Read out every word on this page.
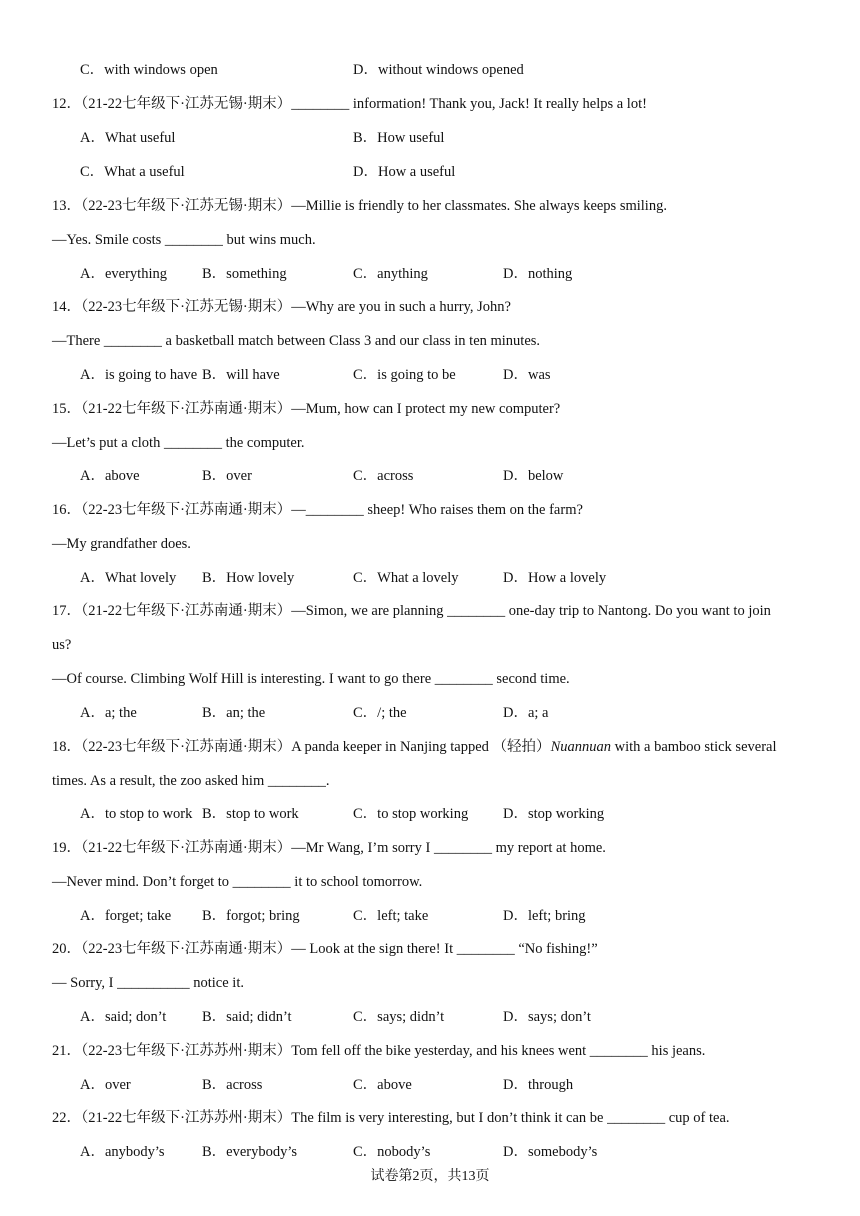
C．with windows open	D．without windows opened
12．（21-22七年级下·江苏无锡·期末）________ information! Thank you, Jack! It really helps a lot!
A．What useful	B．How useful
C．What a useful	D．How a useful
13．（22-23七年级下·江苏无锡·期末）—Millie is friendly to her classmates. She always keeps smiling.
—Yes. Smile costs ________ but wins much.
A．everything B．something	C．anything	D．nothing
14．（22-23七年级下·江苏无锡·期末）—Why are you in such a hurry, John?
—There ________ a basketball match between Class 3 and our class in ten minutes.
A．is going to have B．will have	C．is going to be	D．was
15．（21-22七年级下·江苏南通·期末）—Mum, how can I protect my new computer?
—Let’s put a cloth ________ the computer.
A．above	B．over	C．across	D．below
16．（22-23七年级下·江苏南通·期末）—________ sheep! Who raises them on the farm?
—My grandfather does.
A．What lovely B．How lovely	C．What a lovely	D．How a lovely
17．（21-22七年级下·江苏南通·期末）—Simon, we are planning ________ one-day trip to Nantong. Do you want to join
us?
—Of course. Climbing Wolf Hill is interesting. I want to go there ________ second time.
A．a; the	B．an; the	C．/; the	D．a; a
18．（22-23七年级下·江苏南通·期末）A panda keeper in Nanjing tapped （轻拍）Nuannuan with a bamboo stick several
times. As a result, the zoo asked him ________.
A．to stop to work B．stop to work	C．to stop working D．stop working
19．（21-22七年级下·江苏南通·期末）—Mr Wang, I’m sorry I ________ my report at home.
—Never mind. Don’t forget to ________ it to school tomorrow.
A．forget; take B．forgot; bring	C．left; take	D．left; bring
20．（22-23七年级下·江苏南通·期末）— Look at the sign there! It ________ “No fishing!”
— Sorry, I __________ notice it.
A．said; don’t B．said; didn’t	C．says; didn’t	D．says; don’t
21．（22-23七年级下·江苏苏州·期末）Tom fell off the bike yesterday, and his knees went ________ his jeans.
A．over	B．across	C．above	D．through
22．（21-22七年级下·江苏苏州·期末）The film is very interesting, but I don’t think it can be ________ cup of tea.
A．anybody’s	B．everybody’s	C．nobody’s	D．somebody’s
试卷第2页，共13页
